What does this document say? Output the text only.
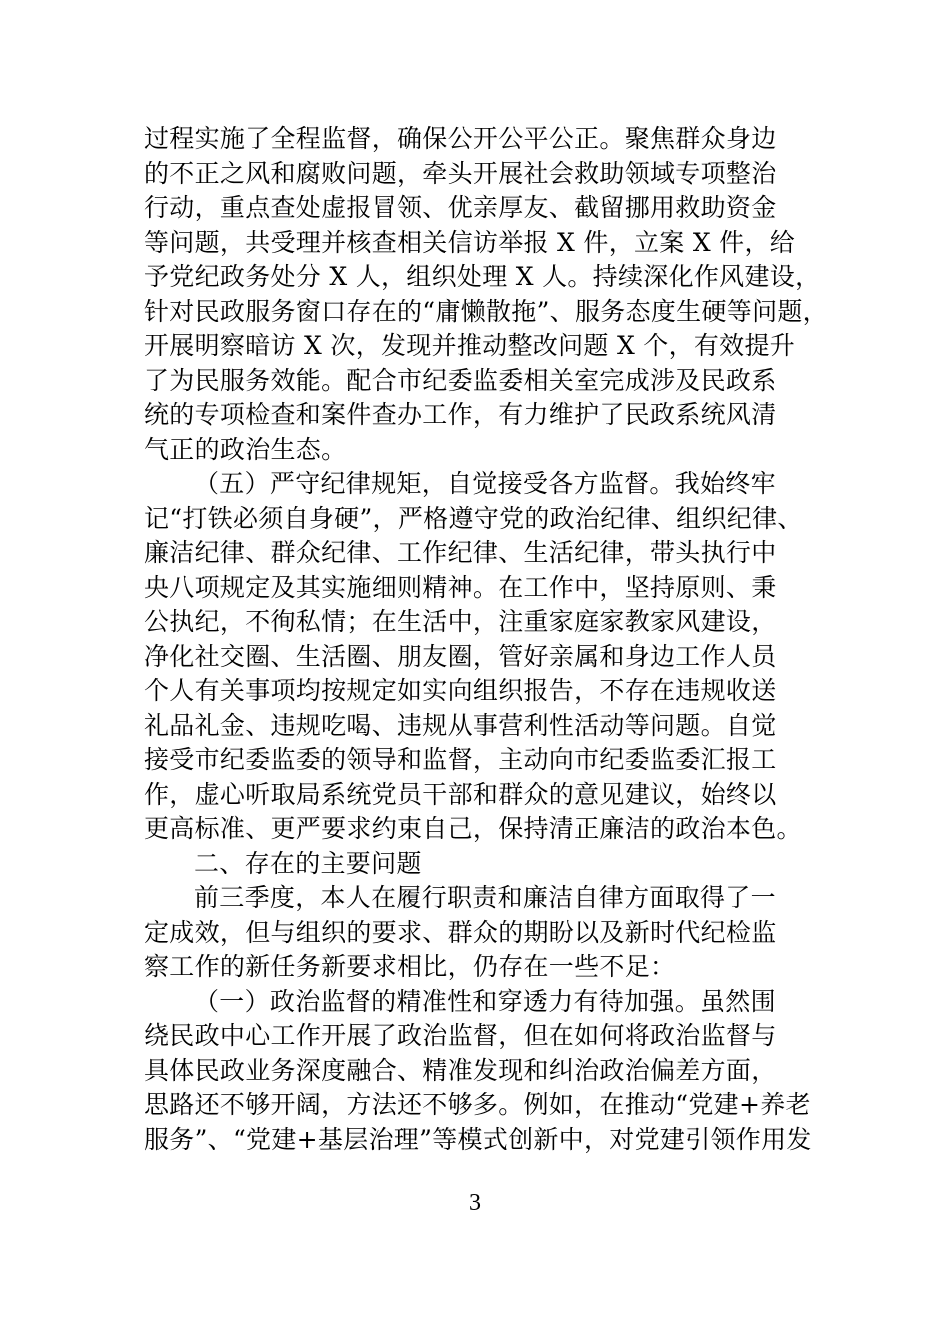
过程实施了全程监督，确保公开公平公正。聚焦群众身边
的不正之风和腐败问题，牵头开展社会救助领域专项整治
行动，重点查处虚报冒领、优亲厚友、截留挪用救助资金
等问题，共受理并核查相关信访举报 X 件，立案 X 件，给
予党纪政务处分 X 人，组织处理 X 人。持续深化作风建设，
针对民政服务窗口存在的“庸懒散拖”、服务态度生硬等问题，
开展明察暗访 X 次，发现并推动整改问题 X 个，有效提升
了为民服务效能。配合市纪委监委相关室完成涉及民政系
统的专项检查和案件查办工作，有力维护了民政系统风清
气正的政治生态。
（五）严守纪律规矩，自觉接受各方监督。我始终牢
记“打铁必须自身硬”，严格遵守党的政治纪律、组织纪律、
廉洁纪律、群众纪律、工作纪律、生活纪律，带头执行中
央八项规定及其实施细则精神。在工作中，坚持原则、秉
公执纪，不徇私情；在生活中，注重家庭家教家风建设，
净化社交圈、生活圈、朋友圈，管好亲属和身边工作人员
个人有关事项均按规定如实向组织报告，不存在违规收送
礼品礼金、违规吃喝、违规从事营利性活动等问题。自觉
接受市纪委监委的领导和监督，主动向市纪委监委汇报工
作，虚心听取局系统党员干部和群众的意见建议，始终以
更高标准、更严要求约束自己，保持清正廉洁的政治本色。
二、存在的主要问题
前三季度，本人在履行职责和廉洁自律方面取得了一
定成效，但与组织的要求、群众的期盼以及新时代纪检监
察工作的新任务新要求相比，仍存在一些不足：
（一）政治监督的精准性和穿透力有待加强。虽然围
绕民政中心工作开展了政治监督，但在如何将政治监督与
具体民政业务深度融合、精准发现和纠治政治偏差方面，
思路还不够开阔，方法还不够多。例如，在推动“党建+养老
服务”、“党建+基层治理”等模式创新中，对党建引领作用发
3
